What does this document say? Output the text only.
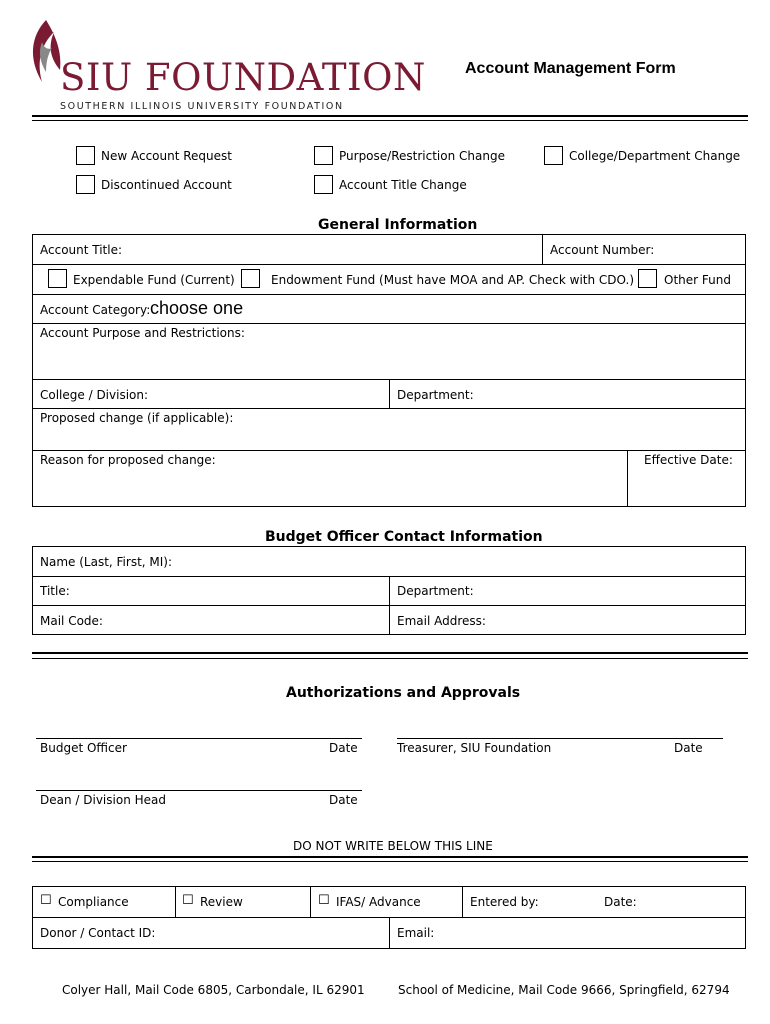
SIU FOUNDATION
SOUTHERN ILLINOIS UNIVERSITY FOUNDATION
Account Management Form
New Account Request	Purpose/Restriction Change	College/Department Change
Discontinued Account	Account Title Change
General Information
Account Title:	Account Number:
Expendable Fund (Current)	Endowment Fund (Must have MOA and AP. Check with CDO.)	Other Fund
Account Category: choose one
Account Purpose and Restrictions:
College / Division:	Department:
Proposed change (if applicable):
Reason for proposed change:	Effective Date:
Budget Officer Contact Information
Name (Last, First, MI):
Title:	Department:
Mail Code:	Email Address:
Authorizations and Approvals
Budget Officer	Date	Treasurer, SIU Foundation	Date
Dean / Division Head	Date
DO NOT WRITE BELOW THIS LINE
☐ Compliance	☐ Review	☐ IFAS/ Advance	Entered by:	Date:
Donor / Contact ID:	Email:
Colyer Hall, Mail Code 6805, Carbondale, IL 62901	School of Medicine, Mail Code 9666, Springfield, 62794
